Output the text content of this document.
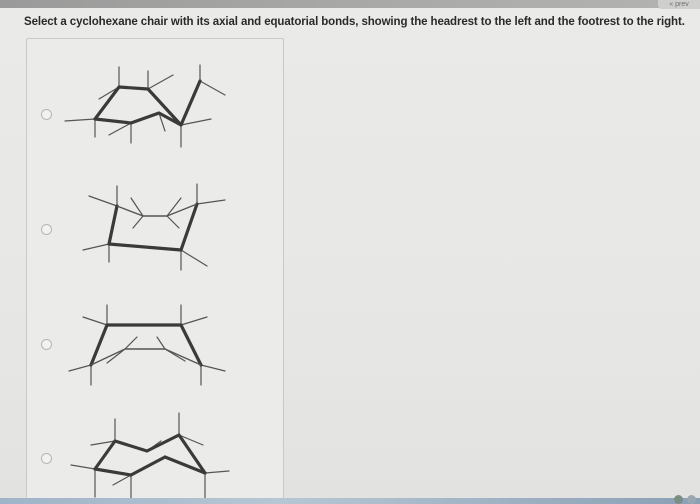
« prev
Select a cyclohexane chair with its axial and equatorial bonds, showing the headrest to the left and the footrest to the right.
